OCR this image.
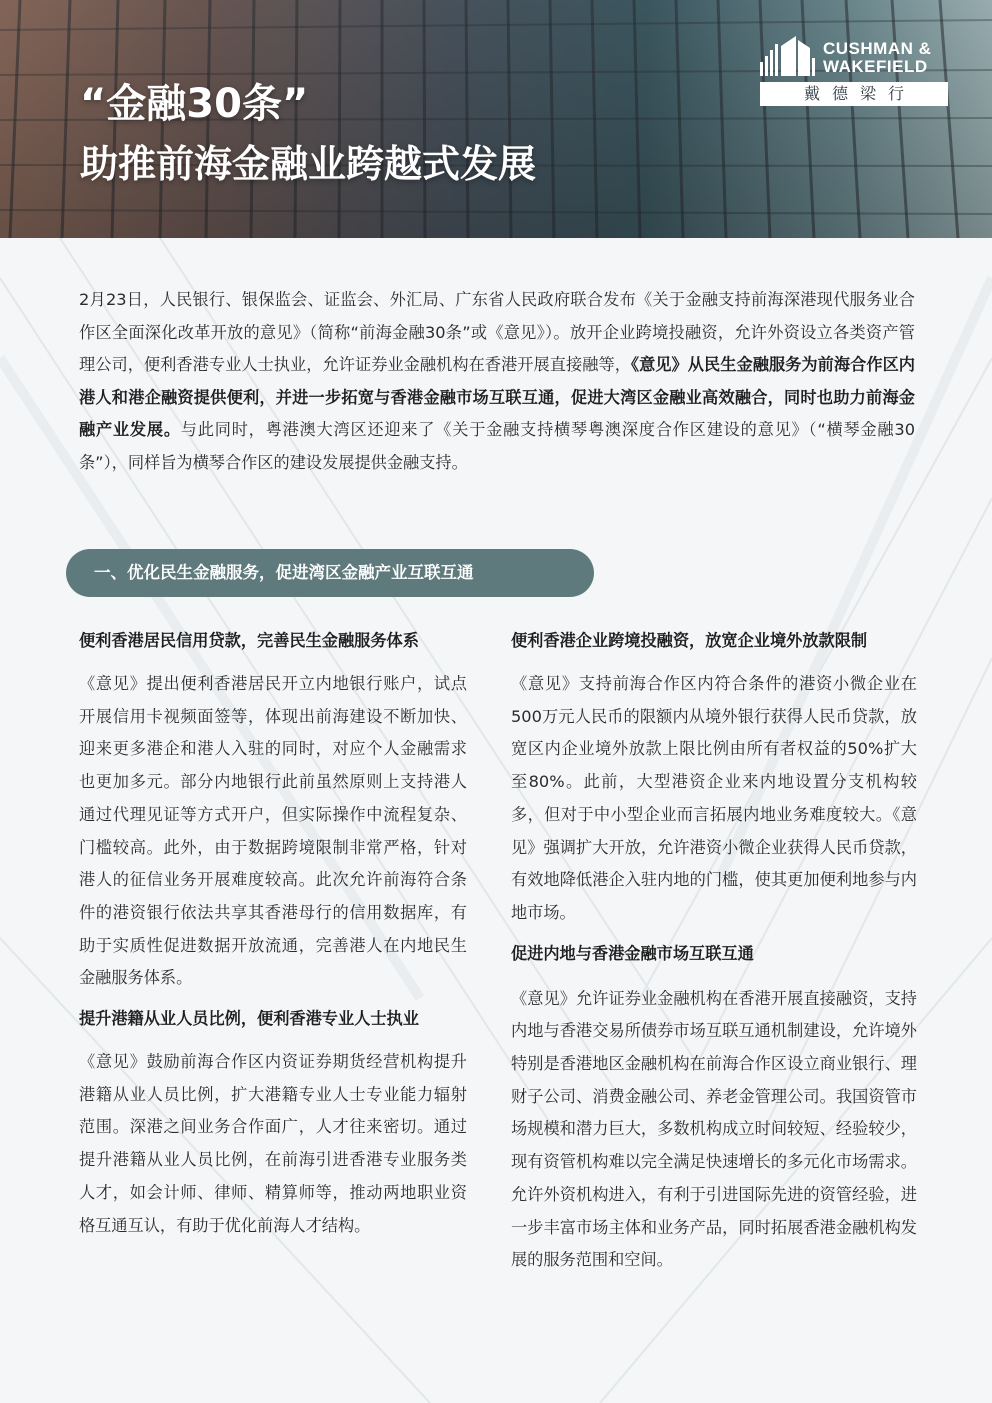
“金融30条”
助推前海金融业跨越式发展
CUSHMAN &
WAKEFIELD
戴德梁行

2月23日，人民银行、银保监会、证监会、外汇局、广东省人民政府联合发布《关于金融支持前海深港现代服务业合作区全面深化改革开放的意见》（简称“前海金融30条”或《意见》）。放开企业跨境投融资，允许外资设立各类资产管理公司，便利香港专业人士执业，允许证券业金融机构在香港开展直接融等，《意见》从民生金融服务为前海合作区内港人和港企融资提供便利，并进一步拓宽与香港金融市场互联互通，促进大湾区金融业高效融合，同时也助力前海金融产业发展。与此同时，粤港澳大湾区还迎来了《关于金融支持横琴粤澳深度合作区建设的意见》（“横琴金融30条”），同样旨为横琴合作区的建设发展提供金融支持。

一、优化民生金融服务，促进湾区金融产业互联互通
便利香港居民信用贷款，完善民生金融服务体系

《意见》提出便利香港居民开立内地银行账户，试点开展信用卡视频面签等，体现出前海建设不断加快、迎来更多港企和港人入驻的同时，对应个人金融需求也更加多元。部分内地银行此前虽然原则上支持港人通过代理见证等方式开户，但实际操作中流程复杂、门槛较高。此外，由于数据跨境限制非常严格，针对港人的征信业务开展难度较高。此次允许前海符合条件的港资银行依法共享其香港母行的信用数据库，有助于实质性促进数据开放流通，完善港人在内地民生金融服务体系。

提升港籍从业人员比例，便利香港专业人士执业

《意见》鼓励前海合作区内资证券期货经营机构提升港籍从业人员比例，扩大港籍专业人士专业能力辐射范围。深港之间业务合作面广，人才往来密切。通过提升港籍从业人员比例，在前海引进香港专业服务类人才，如会计师、律师、精算师等，推动两地职业资格互通互认，有助于优化前海人才结构。

便利香港企业跨境投融资，放宽企业境外放款限制

《意见》支持前海合作区内符合条件的港资小微企业在500万元人民币的限额内从境外银行获得人民币贷款，放宽区内企业境外放款上限比例由所有者权益的50%扩大至80%。此前，大型港资企业来内地设置分支机构较多，但对于中小型企业而言拓展内地业务难度较大。《意见》强调扩大开放，允许港资小微企业获得人民币贷款，有效地降低港企入驻内地的门槛，使其更加便利地参与内地市场。

促进内地与香港金融市场互联互通

《意见》允许证券业金融机构在香港开展直接融资，支持内地与香港交易所债券市场互联互通机制建设，允许境外特别是香港地区金融机构在前海合作区设立商业银行、理财子公司、消费金融公司、养老金管理公司。我国资管市场规模和潜力巨大，多数机构成立时间较短、经验较少，现有资管机构难以完全满足快速增长的多元化市场需求。允许外资机构进入，有利于引进国际先进的资管经验，进一步丰富市场主体和业务产品，同时拓展香港金融机构发展的服务范围和空间。
